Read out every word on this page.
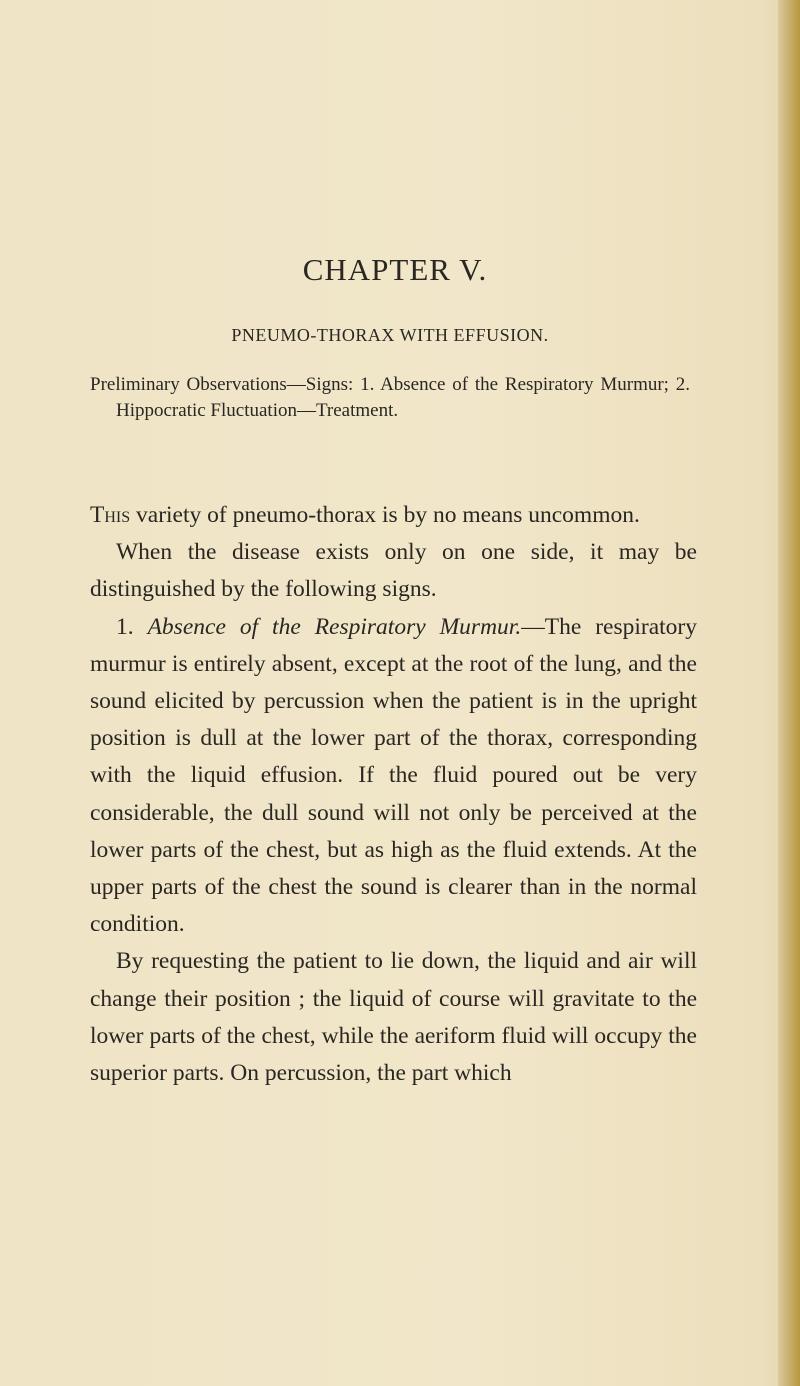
CHAPTER V.
PNEUMO-THORAX WITH EFFUSION.
Preliminary Observations—Signs: 1. Absence of the Respiratory Murmur; 2. Hippocratic Fluctuation—Treatment.

This variety of pneumo-thorax is by no means uncommon.

When the disease exists only on one side, it may be distinguished by the following signs.

1. Absence of the Respiratory Murmur.—The respiratory murmur is entirely absent, except at the root of the lung, and the sound elicited by percussion when the patient is in the upright position is dull at the lower part of the thorax, corresponding with the liquid effusion. If the fluid poured out be very considerable, the dull sound will not only be perceived at the lower parts of the chest, but as high as the fluid extends. At the upper parts of the chest the sound is clearer than in the normal condition.

By requesting the patient to lie down, the liquid and air will change their position ; the liquid of course will gravitate to the lower parts of the chest, while the aeriform fluid will occupy the superior parts. On percussion, the part which
